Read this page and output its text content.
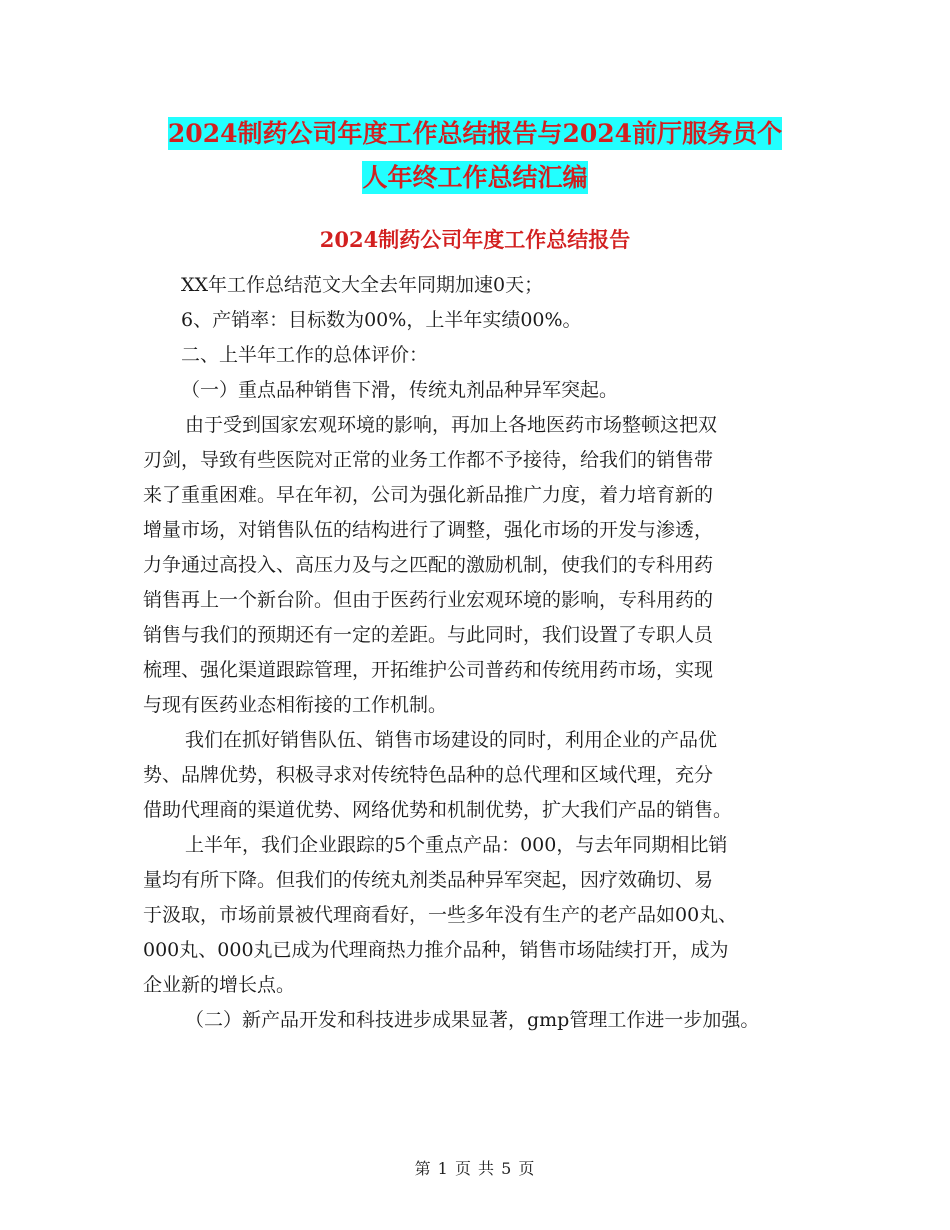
2024制药公司年度工作总结报告与2024前厅服务员个
人年终工作总结汇编
2024制药公司年度工作总结报告
XX年工作总结范文大全去年同期加速0天；
6、产销率：目标数为00%，上半年实绩00%。
二、上半年工作的总体评价：
（一）重点品种销售下滑，传统丸剂品种异军突起。
由于受到国家宏观环境的影响，再加上各地医药市场整顿这把双
刃剑，导致有些医院对正常的业务工作都不予接待，给我们的销售带
来了重重困难。早在年初，公司为强化新品推广力度，着力培育新的
增量市场，对销售队伍的结构进行了调整，强化市场的开发与渗透，
力争通过高投入、高压力及与之匹配的激励机制，使我们的专科用药
销售再上一个新台阶。但由于医药行业宏观环境的影响，专科用药的
销售与我们的预期还有一定的差距。与此同时，我们设置了专职人员
梳理、强化渠道跟踪管理，开拓维护公司普药和传统用药市场，实现
与现有医药业态相衔接的工作机制。
我们在抓好销售队伍、销售市场建设的同时，利用企业的产品优
势、品牌优势，积极寻求对传统特色品种的总代理和区域代理，充分
借助代理商的渠道优势、网络优势和机制优势，扩大我们产品的销售。
上半年，我们企业跟踪的5个重点产品：000，与去年同期相比销
量均有所下降。但我们的传统丸剂类品种异军突起，因疗效确切、易
于汲取，市场前景被代理商看好，一些多年没有生产的老产品如00丸、
000丸、000丸已成为代理商热力推介品种，销售市场陆续打开，成为
企业新的增长点。
（二）新产品开发和科技进步成果显著，gmp管理工作进一步加强。
第 1 页 共 5 页
